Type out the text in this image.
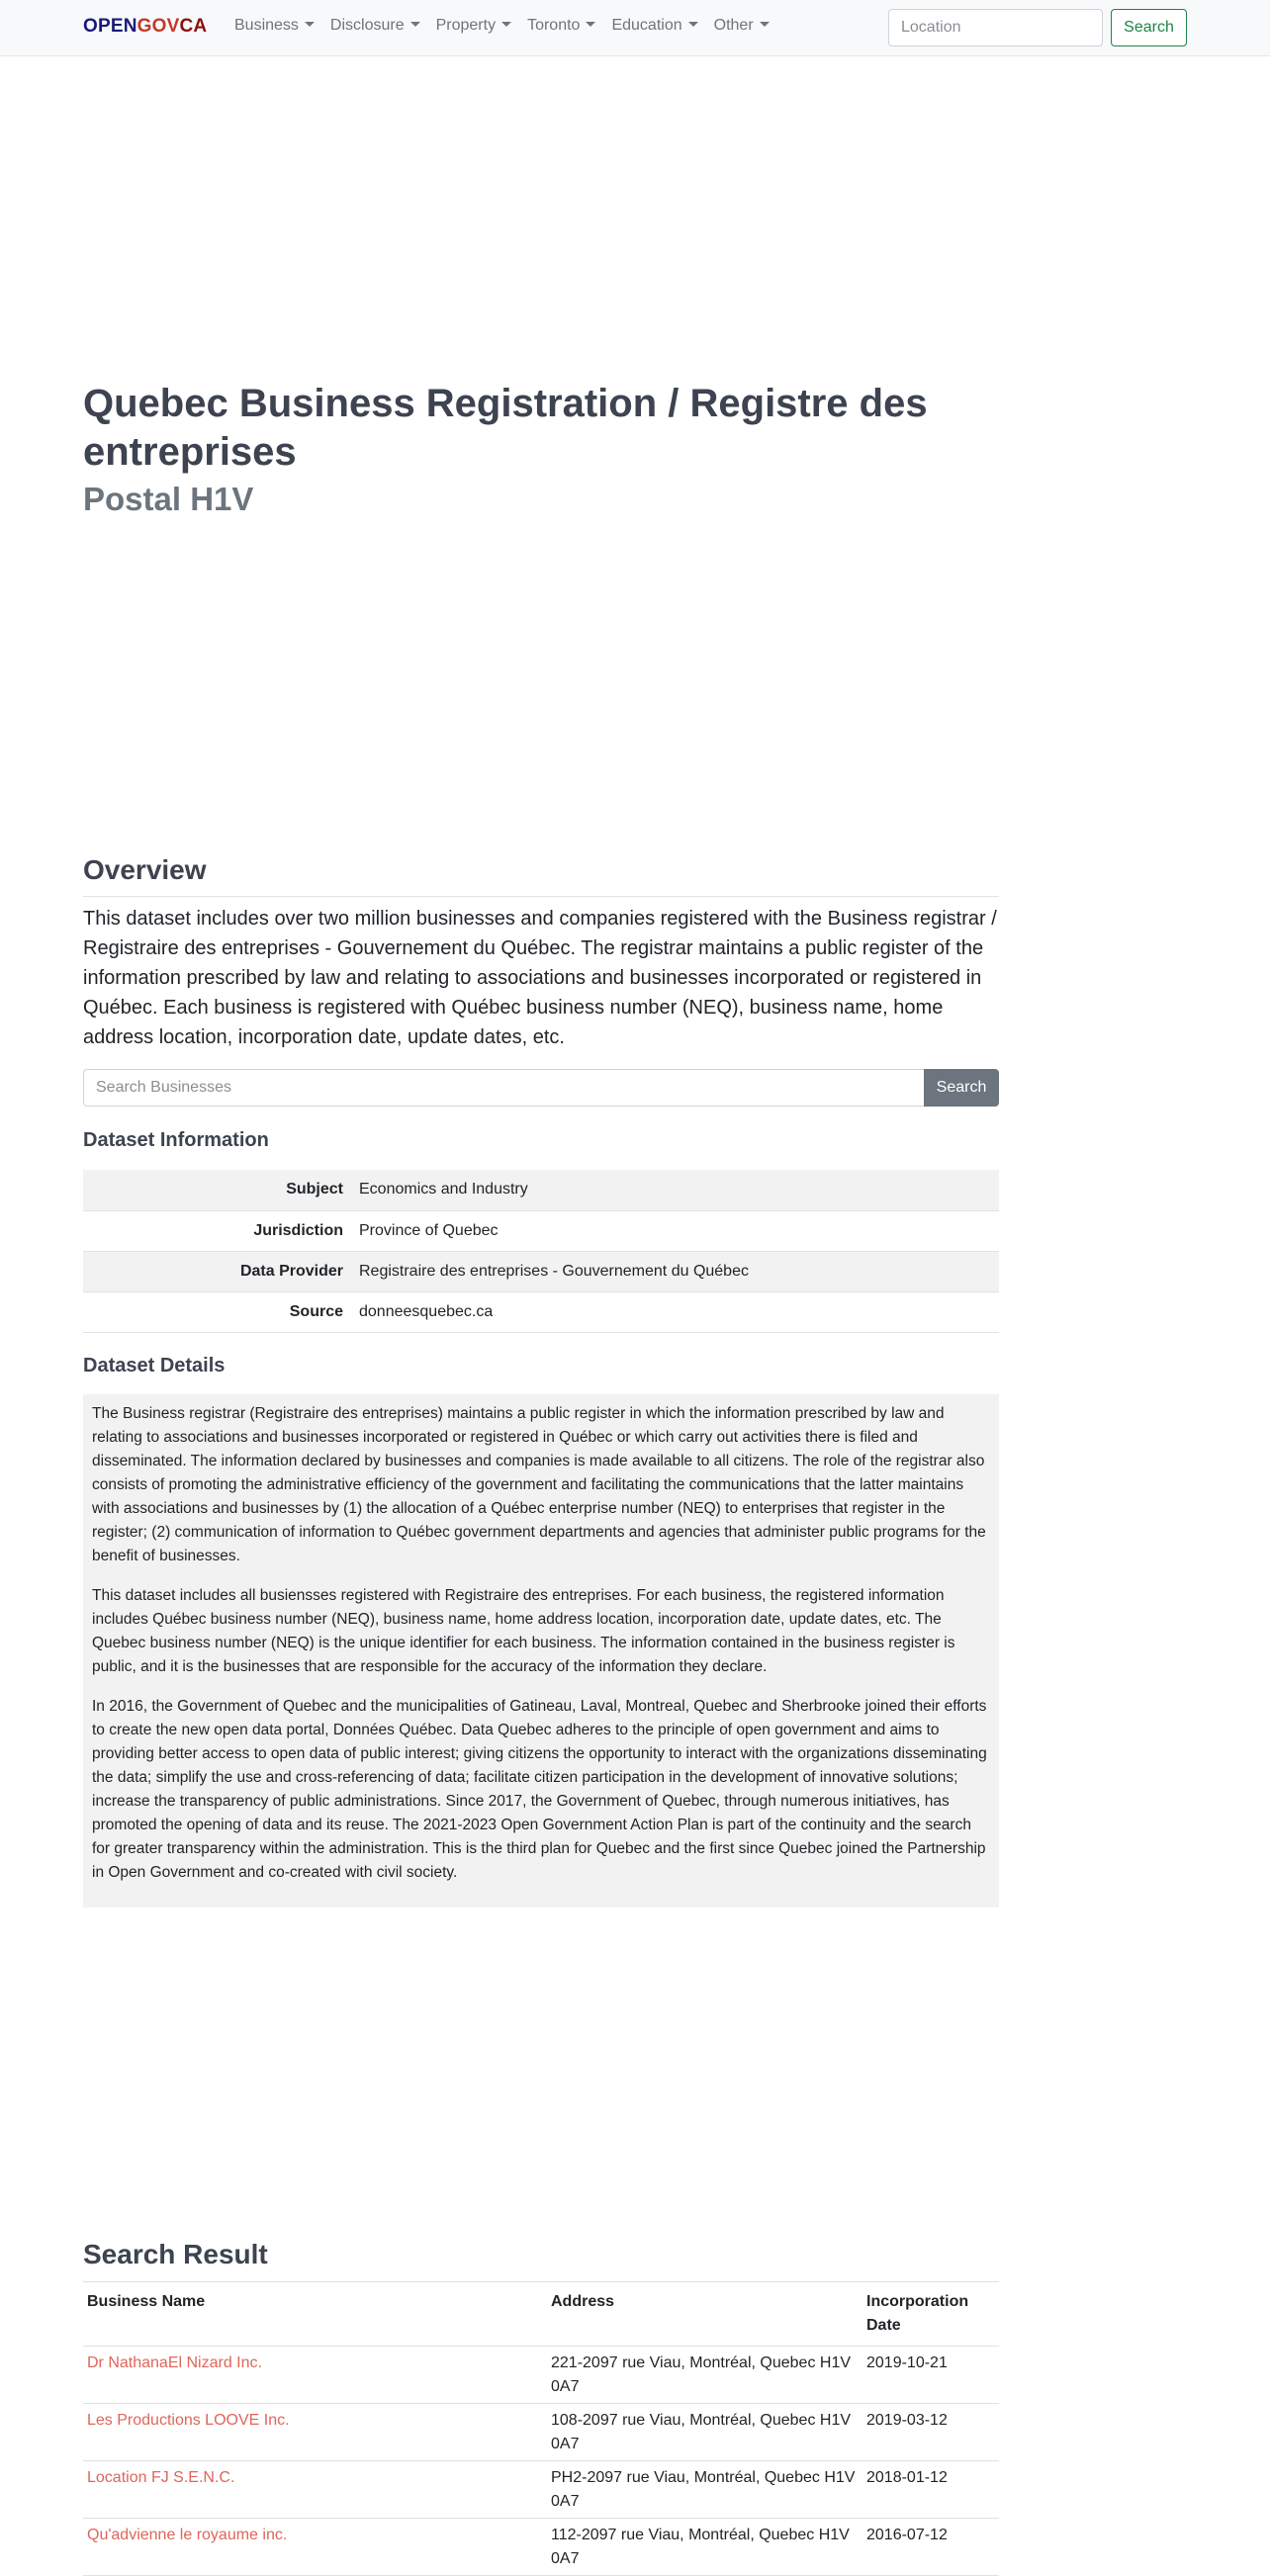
OPENGOVCA Business	Disclosure	Property	Toronto	Education	Other
Location	Search
Quebec Business Registration / Registre des entreprises
Postal H1V
Overview

This dataset includes over two million businesses and companies registered with the Business registrar / Registraire des entreprises - Gouvernement du Québec. The registrar maintains a public register of the information prescribed by law and relating to associations and businesses incorporated or registered in Québec. Each business is registered with Québec business number (NEQ), business name, home address location, incorporation date, update dates, etc.

Search Businesses
Search
Dataset Information
Subject	Economics and Industry
Jurisdiction	Province of Quebec
Data Provider	Registraire des entreprises - Gouvernement du Québec
Source	donneesquebec.ca
Dataset Details

The Business registrar (Registraire des entreprises) maintains a public register in which the information prescribed by law and relating to associations and businesses incorporated or registered in Québec or which carry out activities there is filed and disseminated. The information declared by businesses and companies is made available to all citizens. The role of the registrar also consists of promoting the administrative efficiency of the government and facilitating the communications that the latter maintains with associations and businesses by (1) the allocation of a Québec enterprise number (NEQ) to enterprises that register in the register; (2) communication of information to Québec government departments and agencies that administer public programs for the benefit of businesses.

This dataset includes all busiensses registered with Registraire des entreprises. For each business, the registered information includes Québec business number (NEQ), business name, home address location, incorporation date, update dates, etc. The Quebec business number (NEQ) is the unique identifier for each business. The information contained in the business register is public, and it is the businesses that are responsible for the accuracy of the information they declare.

In 2016, the Government of Quebec and the municipalities of Gatineau, Laval, Montreal, Quebec and Sherbrooke joined their efforts to create the new open data portal, Données Québec. Data Quebec adheres to the principle of open government and aims to providing better access to open data of public interest; giving citizens the opportunity to interact with the organizations disseminating the data; simplify the use and cross-referencing of data; facilitate citizen participation in the development of innovative solutions; increase the transparency of public administrations. Since 2017, the Government of Quebec, through numerous initiatives, has promoted the opening of data and its reuse. The 2021-2023 Open Government Action Plan is part of the continuity and the search for greater transparency within the administration. This is the third plan for Quebec and the first since Quebec joined the Partnership in Open Government and co-created with civil society.

Search Result
Business Name	Address	Incorporation Date
Dr NathanaEl Nizard Inc.	221-2097 rue Viau, Montréal, Quebec H1V 0A7	2019-10-21
Les Productions LOOVE Inc.	108-2097 rue Viau, Montréal, Quebec H1V 0A7	2019-03-12
Location FJ S.E.N.C.	PH2-2097 rue Viau, Montréal, Quebec H1V 0A7	2018-01-12
Qu'advienne le royaume inc.	112-2097 rue Viau, Montréal, Quebec H1V 0A7	2016-07-12
